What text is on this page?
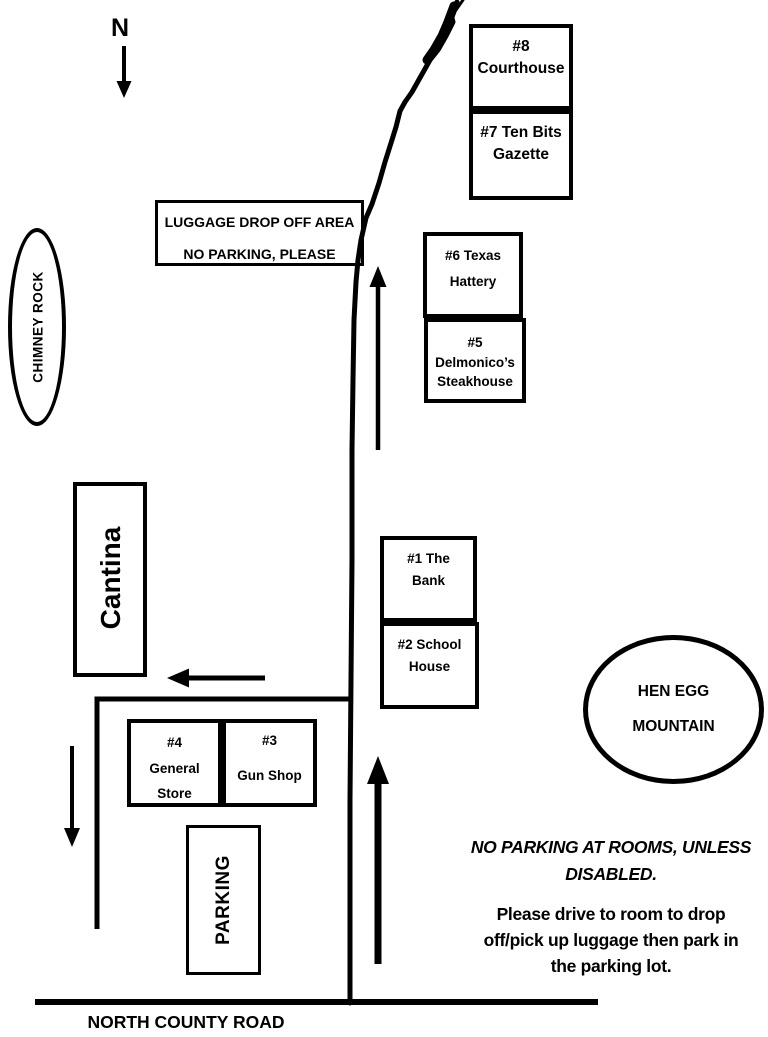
N
#8
Courthouse
#7 Ten Bits
Gazette
LUGGAGE DROP OFF AREA
NO PARKING, PLEASE
CHIMNEY ROCK
#6 Texas
Hattery
#5
Delmonico’s
Steakhouse
Cantina	#1 The
Bank
#2 School
House
HEN EGG
MOUNTAIN
#4
General
Store
#3
Gun Shop
PARKING
NO PARKING AT ROOMS, UNLESS
DISABLED.
Please drive to room to drop
off/pick up luggage then park in
the parking lot.
NORTH COUNTY ROAD
